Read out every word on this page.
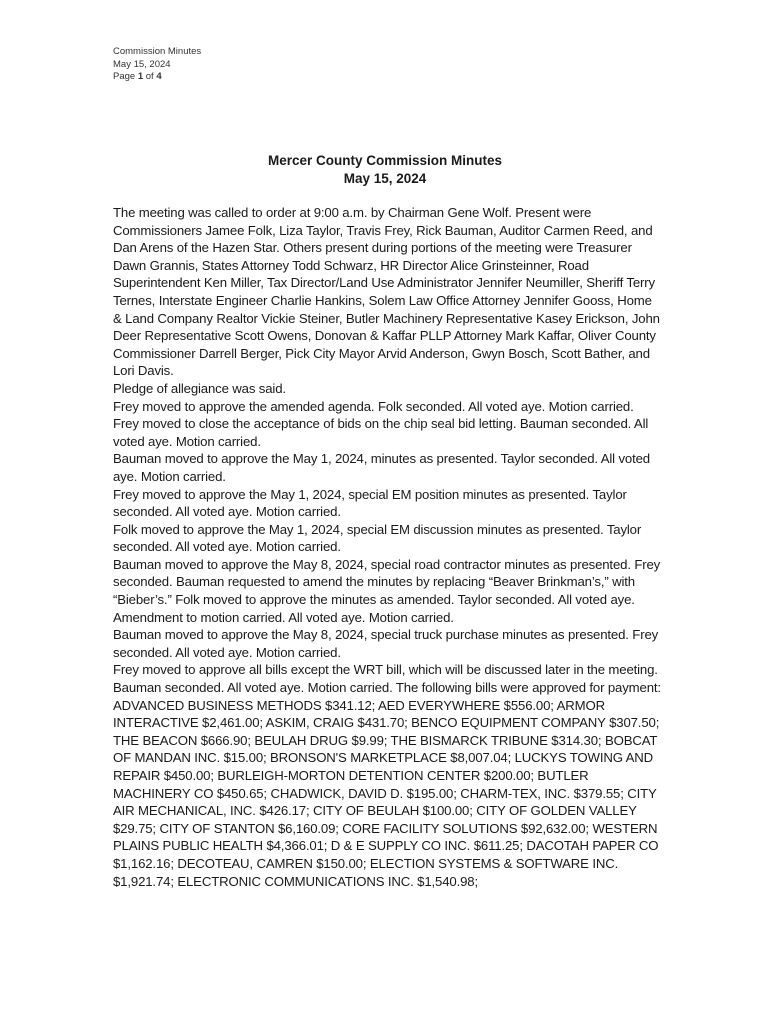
Commission Minutes
May 15, 2024
Page 1 of 4
Mercer County Commission Minutes
May 15, 2024

The meeting was called to order at 9:00 a.m. by Chairman Gene Wolf. Present were Commissioners Jamee Folk, Liza Taylor, Travis Frey, Rick Bauman, Auditor Carmen Reed, and Dan Arens of the Hazen Star. Others present during portions of the meeting were Treasurer Dawn Grannis, States Attorney Todd Schwarz, HR Director Alice Grinsteinner, Road Superintendent Ken Miller, Tax Director/Land Use Administrator Jennifer Neumiller, Sheriff Terry Ternes, Interstate Engineer Charlie Hankins, Solem Law Office Attorney Jennifer Gooss, Home & Land Company Realtor Vickie Steiner, Butler Machinery Representative Kasey Erickson, John Deer Representative Scott Owens, Donovan & Kaffar PLLP Attorney Mark Kaffar, Oliver County Commissioner Darrell Berger, Pick City Mayor Arvid Anderson, Gwyn Bosch, Scott Bather, and Lori Davis.

Pledge of allegiance was said.

Frey moved to approve the amended agenda. Folk seconded. All voted aye. Motion carried.

Frey moved to close the acceptance of bids on the chip seal bid letting. Bauman seconded. All voted aye. Motion carried.

Bauman moved to approve the May 1, 2024, minutes as presented. Taylor seconded. All voted aye. Motion carried.

Frey moved to approve the May 1, 2024, special EM position minutes as presented. Taylor seconded. All voted aye. Motion carried.

Folk moved to approve the May 1, 2024, special EM discussion minutes as presented. Taylor seconded. All voted aye. Motion carried.

Bauman moved to approve the May 8, 2024, special road contractor minutes as presented. Frey seconded. Bauman requested to amend the minutes by replacing “Beaver Brinkman’s,” with “Bieber’s.” Folk moved to approve the minutes as amended. Taylor seconded. All voted aye. Amendment to motion carried. All voted aye. Motion carried.

Bauman moved to approve the May 8, 2024, special truck purchase minutes as presented. Frey seconded. All voted aye. Motion carried.

Frey moved to approve all bills except the WRT bill, which will be discussed later in the meeting. Bauman seconded. All voted aye. Motion carried. The following bills were approved for payment: ADVANCED BUSINESS METHODS $341.12; AED EVERYWHERE $556.00; ARMOR INTERACTIVE $2,461.00; ASKIM, CRAIG $431.70; BENCO EQUIPMENT COMPANY $307.50; THE BEACON $666.90; BEULAH DRUG $9.99; THE BISMARCK TRIBUNE $314.30; BOBCAT OF MANDAN INC. $15.00; BRONSON'S MARKETPLACE $8,007.04; LUCKYS TOWING AND REPAIR $450.00; BURLEIGH-MORTON DETENTION CENTER $200.00; BUTLER MACHINERY CO $450.65; CHADWICK, DAVID D. $195.00; CHARM-TEX, INC. $379.55; CITY AIR MECHANICAL, INC. $426.17; CITY OF BEULAH $100.00; CITY OF GOLDEN VALLEY $29.75; CITY OF STANTON $6,160.09; CORE FACILITY SOLUTIONS $92,632.00; WESTERN PLAINS PUBLIC HEALTH $4,366.01; D & E SUPPLY CO INC. $611.25; DACOTAH PAPER CO $1,162.16; DECOTEAU, CAMREN $150.00; ELECTION SYSTEMS & SOFTWARE INC. $1,921.74; ELECTRONIC COMMUNICATIONS INC. $1,540.98;
